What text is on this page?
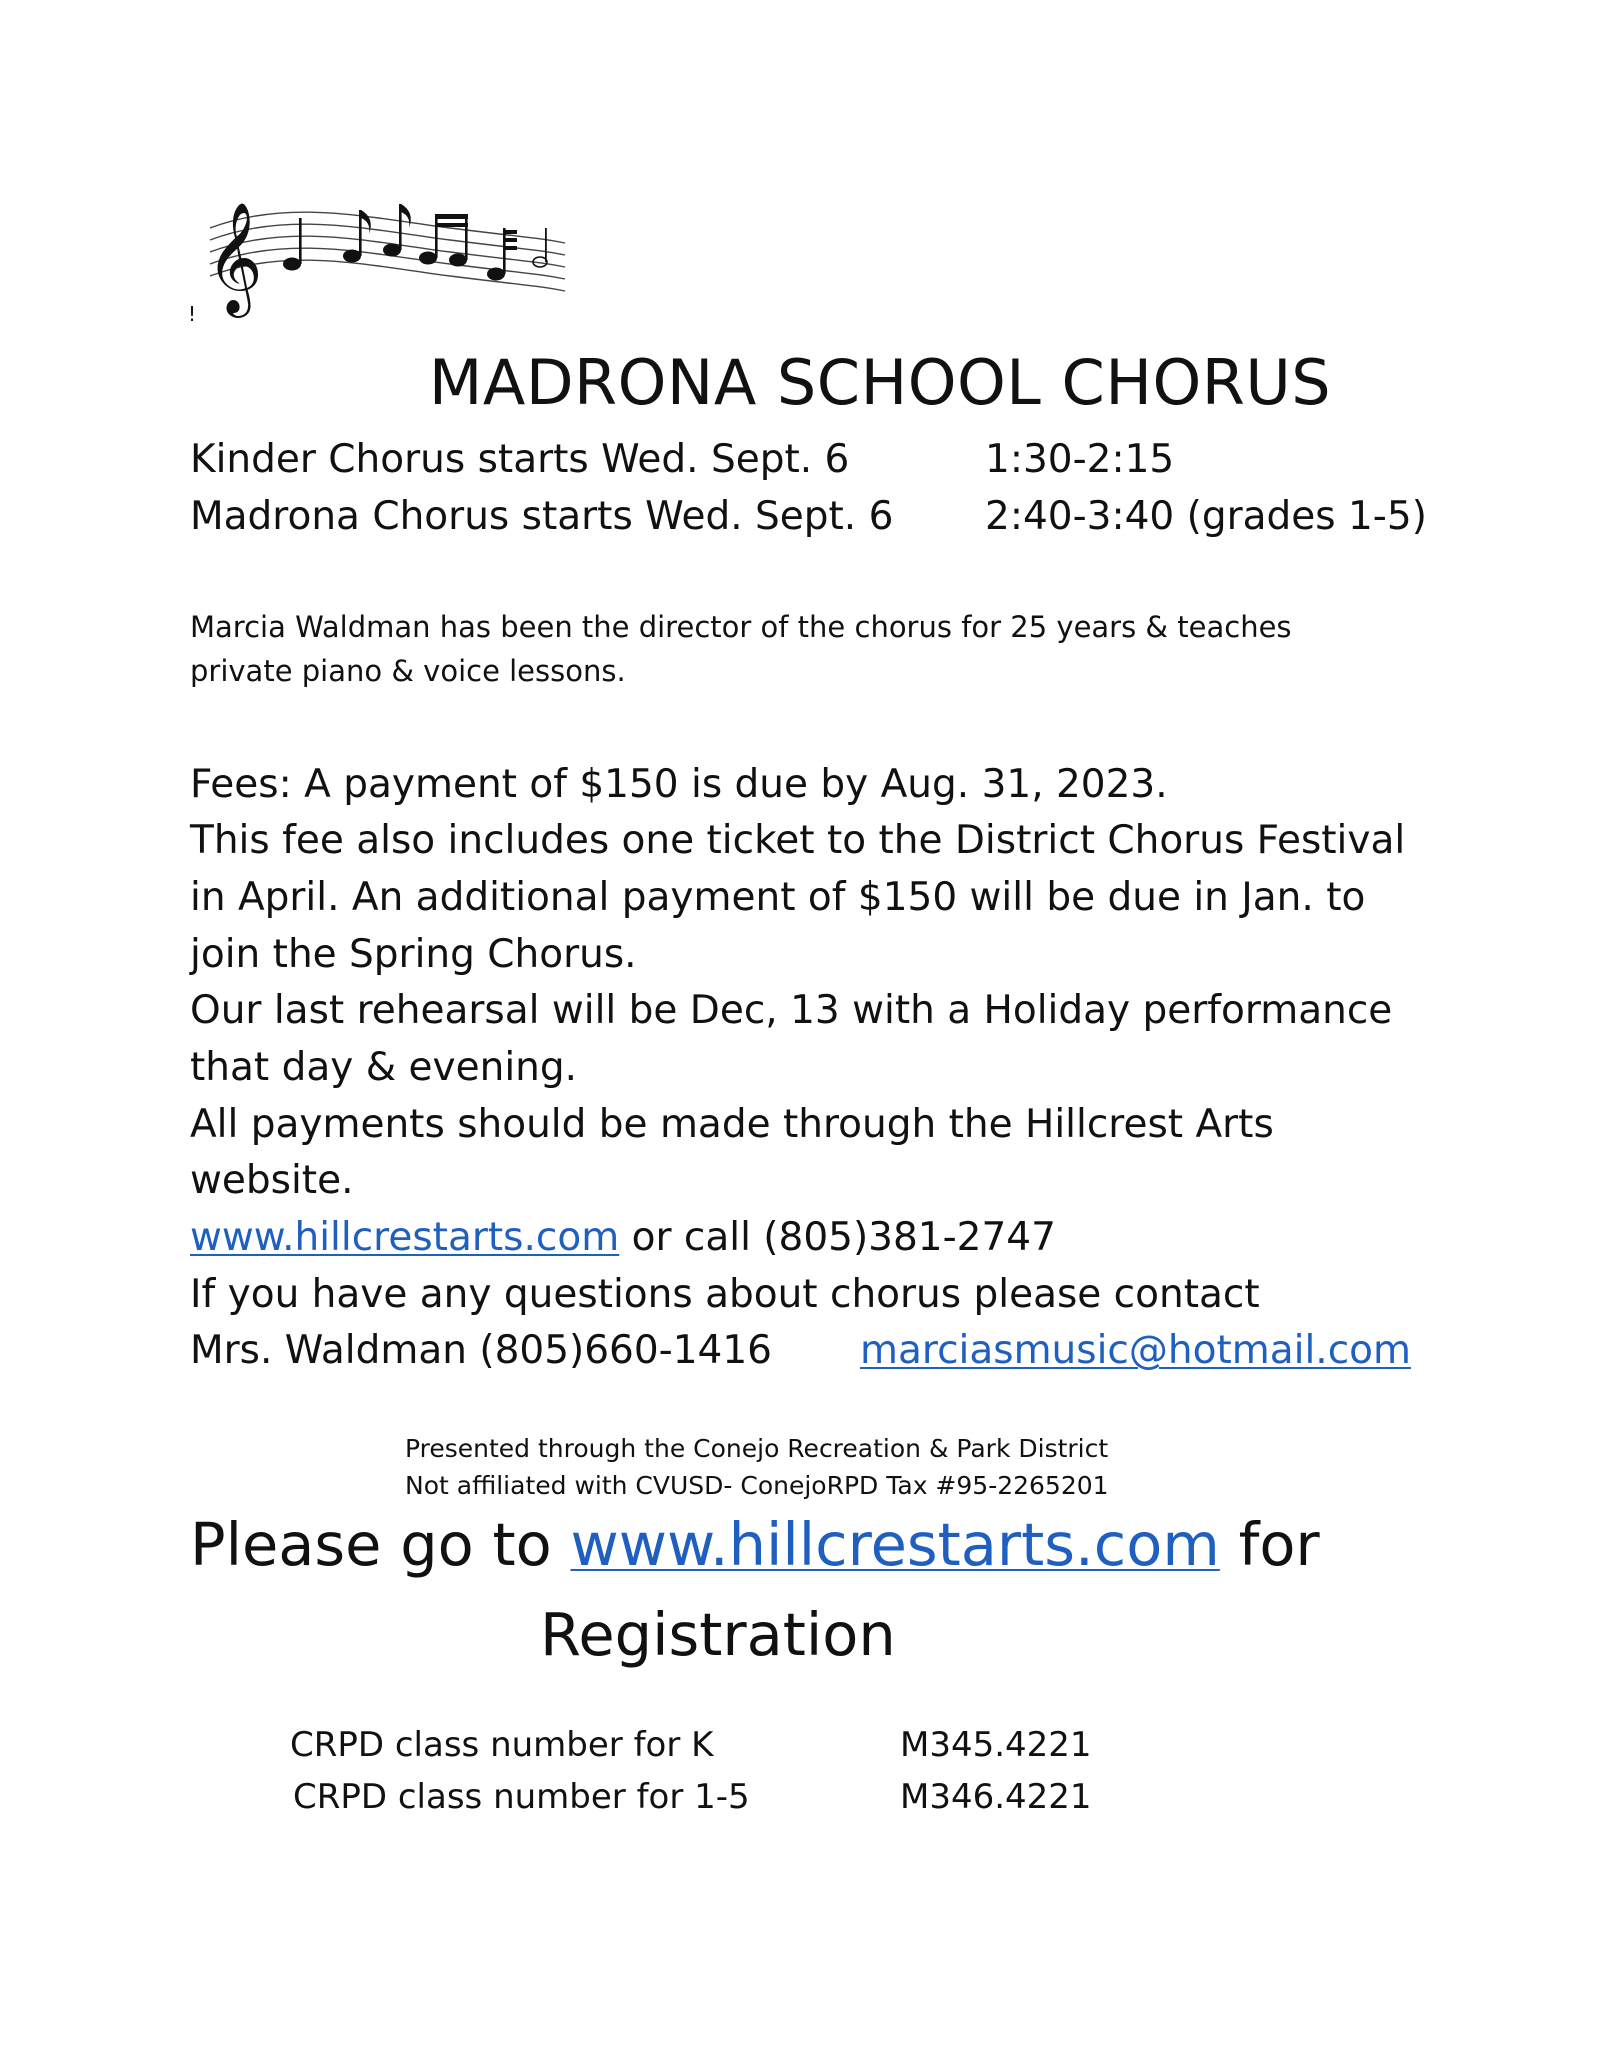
𝄞
!
MADRONA SCHOOL CHORUS
Kinder Chorus starts Wed. Sept. 6	1:30-2:15
Madrona Chorus starts Wed. Sept. 6 2:40-3:40 (grades 1-5)
Marcia Waldman has been the director of the chorus for 25 years & teaches private piano & voice lessons.
Fees: A payment of $150 is due by Aug. 31, 2023.
This fee also includes one ticket to the District Chorus Festival
in April. An additional payment of $150 will be due in Jan. to
join the Spring Chorus.
Our last rehearsal will be Dec, 13 with a Holiday performance
that day & evening.
All payments should be made through the Hillcrest Arts
website.
www.hillcrestarts.com or call (805)381-2747
If you have any questions about chorus please contact
Mrs. Waldman (805)660-1416 marciasmusic@hotmail.com
Presented through the Conejo Recreation & Park District
Not affiliated with CVUSD- ConejoRPD Tax #95-2265201
Please go to www.hillcrestarts.com for
Registration
CRPD class number for K	M345.4221
CRPD class number for 1-5	M346.4221
